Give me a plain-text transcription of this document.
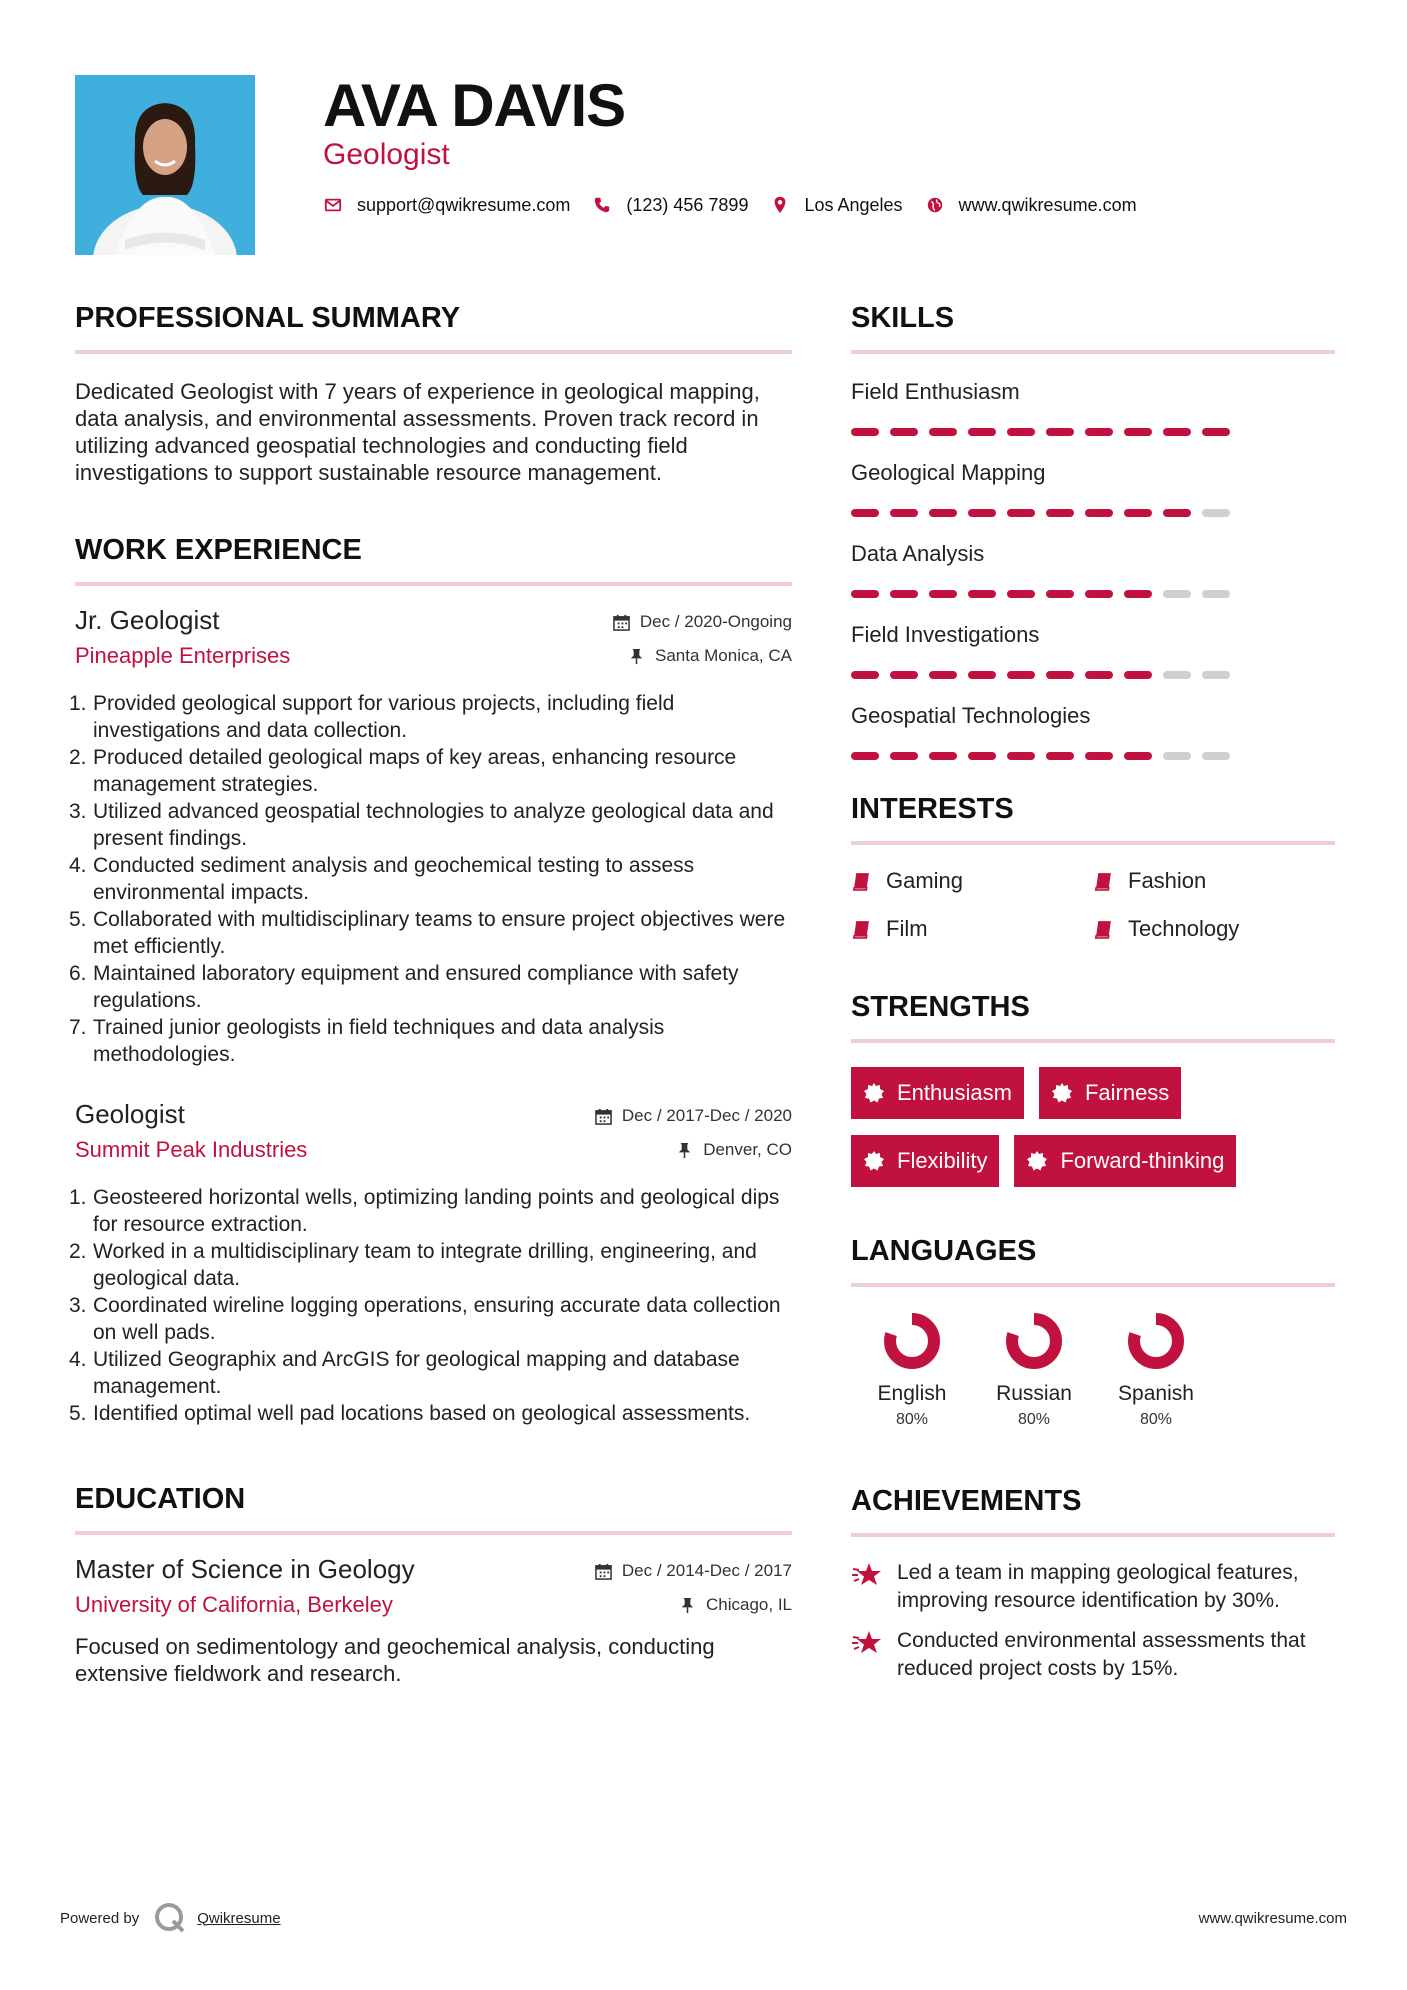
AVA DAVIS
Geologist
support@qwikresume.com	(123) 456 7899	Los Angeles	www.qwikresume.com
PROFESSIONAL SUMMARY

Dedicated Geologist with 7 years of experience in geological mapping, data analysis, and environmental assessments. Proven track record in utilizing advanced geospatial technologies and conducting field investigations to support sustainable resource management.

WORK EXPERIENCE
Jr. Geologist	Dec / 2020-Ongoing
Pineapple Enterprises	Santa Monica, CA
1. Provided geological support for various projects, including field investigations and data collection.
2. Produced detailed geological maps of key areas, enhancing resource management strategies.
3. Utilized advanced geospatial technologies to analyze geological data and present findings.
4. Conducted sediment analysis and geochemical testing to assess environmental impacts.
5. Collaborated with multidisciplinary teams to ensure project objectives were met efficiently.
6. Maintained laboratory equipment and ensured compliance with safety regulations.
7. Trained junior geologists in field techniques and data analysis methodologies.
Geologist	Dec / 2017-Dec / 2020
Summit Peak Industries	Denver, CO
1. Geosteered horizontal wells, optimizing landing points and geological dips for resource extraction.
2. Worked in a multidisciplinary team to integrate drilling, engineering, and geological data.
3. Coordinated wireline logging operations, ensuring accurate data collection on well pads.
4. Utilized Geographix and ArcGIS for geological mapping and database management.
5. Identified optimal well pad locations based on geological assessments.
EDUCATION
Master of Science in Geology	Dec / 2014-Dec / 2017
University of California, Berkeley	Chicago, IL

Focused on sedimentology and geochemical analysis, conducting extensive fieldwork and research.

SKILLS
Field Enthusiasm
Geological Mapping
Data Analysis
Field Investigations
Geospatial Technologies
INTERESTS
Gaming	Fashion
Film	Technology
STRENGTHS
Enthusiasm	Fairness
Flexibility	Forward-thinking
LANGUAGES
English
80%
Russian
80%
Spanish
80%
ACHIEVEMENTS
Led a team in mapping geological features, improving resource identification by 30%.
Conducted environmental assessments that reduced project costs by 15%.
Powered by	Qwikresume	www.qwikresume.com
